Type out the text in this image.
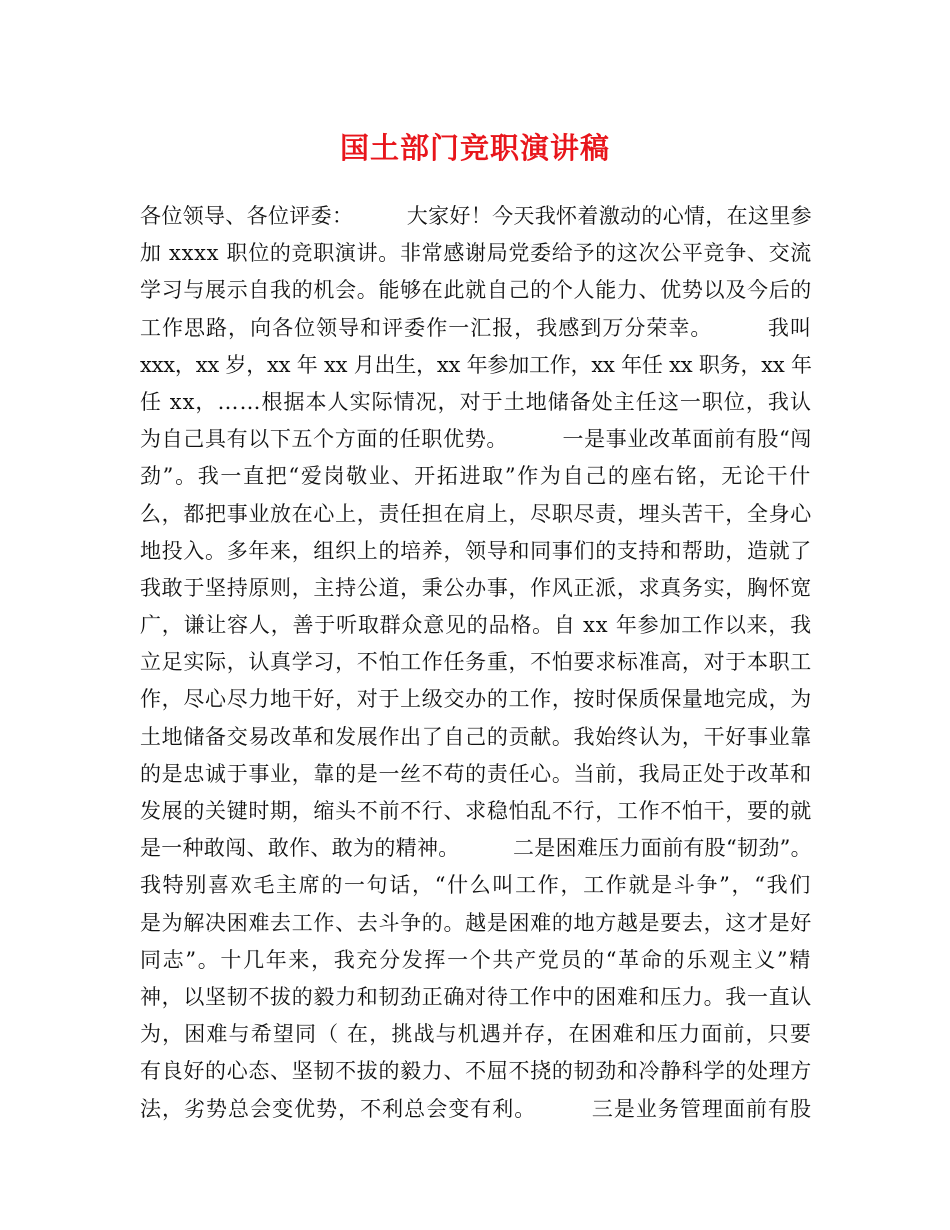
国土部门竞职演讲稿
各位领导、各位评委：　　　大家好！今天我怀着激动的心情，在这里参
加 xxxx 职位的竞职演讲。非常感谢局党委给予的这次公平竞争、交流
学习与展示自我的机会。能够在此就自己的个人能力、优势以及今后的
工作思路，向各位领导和评委作一汇报，我感到万分荣幸。　　　我叫
xxx，xx 岁，xx 年 xx 月出生，xx 年参加工作，xx 年任 xx 职务，xx 年
任 xx，……根据本人实际情况，对于土地储备处主任这一职位，我认
为自己具有以下五个方面的任职优势。　　　一是事业改革面前有股“闯
劲”。我一直把“爱岗敬业、开拓进取”作为自己的座右铭，无论干什
么，都把事业放在心上，责任担在肩上，尽职尽责，埋头苦干，全身心
地投入。多年来，组织上的培养，领导和同事们的支持和帮助，造就了
我敢于坚持原则，主持公道，秉公办事，作风正派，求真务实，胸怀宽
广，谦让容人，善于听取群众意见的品格。自 xx 年参加工作以来，我
立足实际，认真学习，不怕工作任务重，不怕要求标准高，对于本职工
作，尽心尽力地干好，对于上级交办的工作，按时保质保量地完成，为
土地储备交易改革和发展作出了自己的贡献。我始终认为，干好事业靠
的是忠诚于事业，靠的是一丝不苟的责任心。当前，我局正处于改革和
发展的关键时期，缩头不前不行、求稳怕乱不行，工作不怕干，要的就
是一种敢闯、敢作、敢为的精神。　　　二是困难压力面前有股“韧劲”。
我特别喜欢毛主席的一句话，“什么叫工作，工作就是斗争”，“我们
是为解决困难去工作、去斗争的。越是困难的地方越是要去，这才是好
同志”。十几年来，我充分发挥一个共产党员的“革命的乐观主义”精
神，以坚韧不拔的毅力和韧劲正确对待工作中的困难和压力。我一直认
为，困难与希望同（ 在，挑战与机遇并存，在困难和压力面前，只要
有良好的心态、坚韧不拔的毅力、不屈不挠的韧劲和冷静科学的处理方
法，劣势总会变优势，不利总会变有利。　　　三是业务管理面前有股
